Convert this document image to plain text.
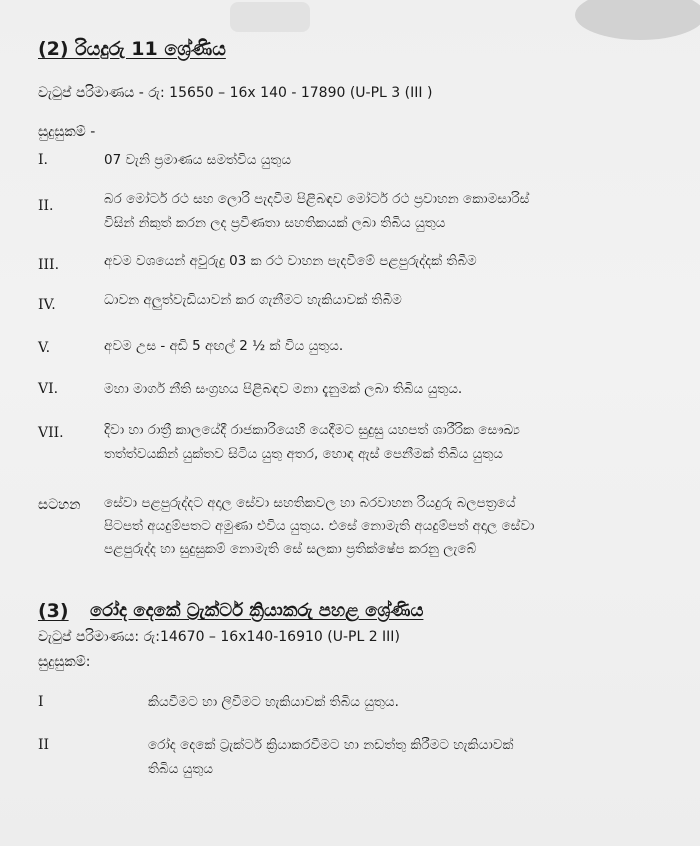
(2) රියදුරු 11 ශ්‍රේණිය
වැටුප් පරිමාණය - රු: 15650 – 16x 140 - 17890 (U-PL 3 (III )
සුදුසුකම් -
I.	07 වැනි ප්‍රමාණය සමත්විය යුතුය
II.	බර මෝටර් රථ සහ ලොරි පැදවීම පිළිබඳව මෝටර් රථ ප්‍රවාහන කොමසාරිස්
විසින් නිකුත් කරන ලද ප්‍රවීණතා සහතිකයක් ලබා තිබිය යුතුය
III.	අවම වශයෙන් අවුරුදු 03 ක රථ වාහන පැදවීමේ පළපුරුද්දක් තිබීම
IV.	ධාවන අලුත්වැඩියාවන් කර ගැනීමට හැකියාවක් තිබීම
V.	අවම උස - අඩි 5 අඟල් 2 ½ ක් විය යුතුය.
VI.	මහා මාර්ග නීති සංග්‍රහය පිළිබඳව මනා දැනුමක් ලබා තිබිය යුතුය.
VII.	දිවා හා රාත්‍රී කාලයේදී රාජකාරියෙහි යෙදීමට සුදුසු යහපත් ශාරීරික සෞඛ්‍ය
තත්ත්වයකින් යුක්තව සිටිය යුතු අතර, හොඳ ඇස් පෙනීමක් තිබිය යුතුය
සටහන සේවා පළපුරුද්දට අදාල සේවා සහතිකවල හා බරවාහන රියදුරු බලපත්‍රයේ
පිටපත් අයදුම්පතට අමුණා එවිය යුතුය. එසේ නොමැති අයදුම්පත් අදාල සේවා
පළපුරුද්ද හා සුදුසුකම් නොමැති සේ සලකා ප්‍රතික්ෂේප කරනු ලැබේ
(3) රෝද දෙකේ ට්‍රැක්ටර් ක්‍රියාකරු පහළ ශ්‍රේණිය
වැටුප් පරිමාණය: රු:14670 – 16x140-16910 (U-PL 2 III)
සුදුසුකම්:
I	කියවීමට හා ලිවීමට හැකියාවක් තිබිය යුතුය.
II	රෝද දෙකේ ට්‍රැක්ටර් ක්‍රියාකරවීමට හා නඩත්තු කිරීමට හැකියාවක්
තිබිය යුතුය
